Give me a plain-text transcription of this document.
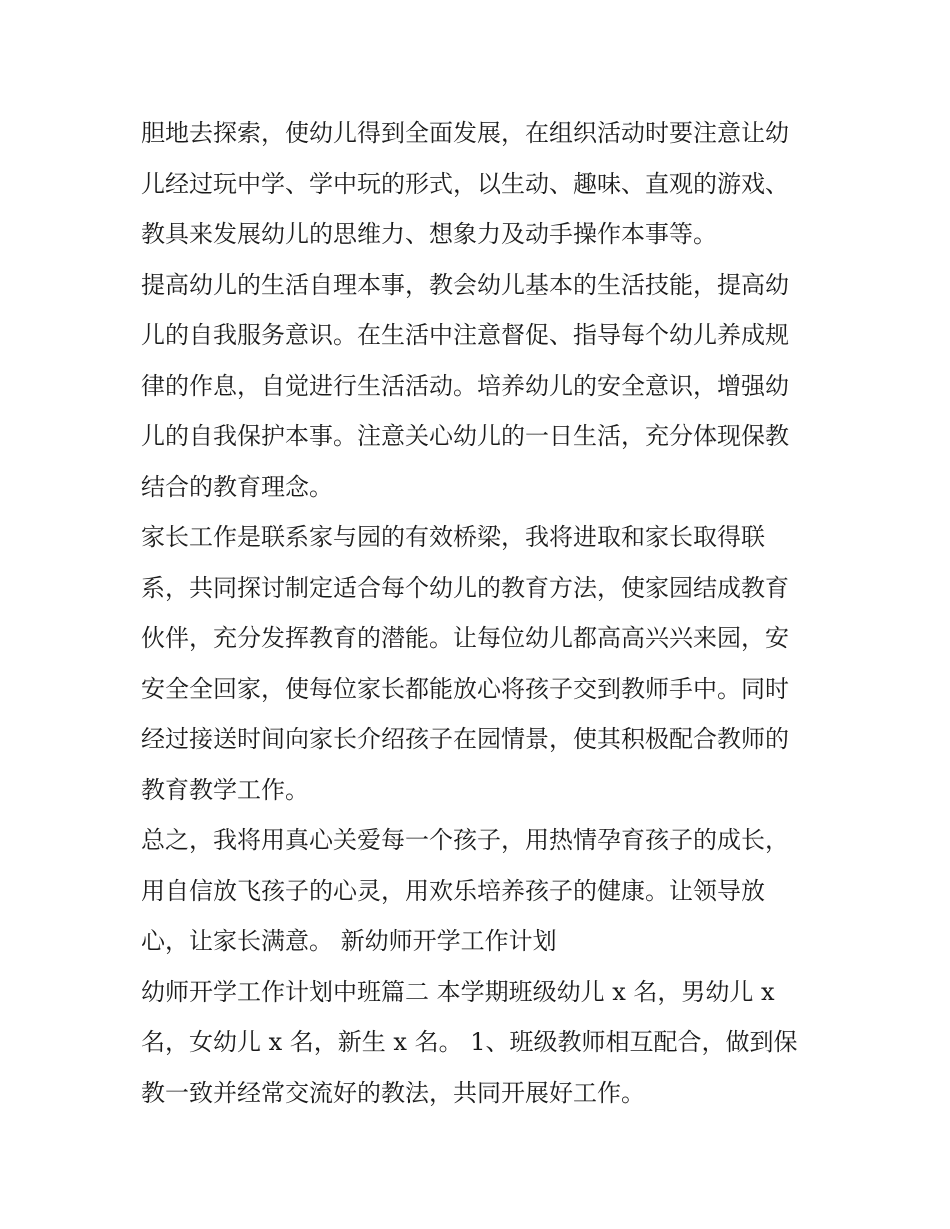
胆地去探索，使幼儿得到全面发展，在组织活动时要注意让幼
儿经过玩中学、学中玩的形式，以生动、趣味、直观的游戏、
教具来发展幼儿的思维力、想象力及动手操作本事等。
提高幼儿的生活自理本事，教会幼儿基本的生活技能，提高幼
儿的自我服务意识。在生活中注意督促、指导每个幼儿养成规
律的作息，自觉进行生活活动。培养幼儿的安全意识，增强幼
儿的自我保护本事。注意关心幼儿的一日生活，充分体现保教
结合的教育理念。
家长工作是联系家与园的有效桥梁，我将进取和家长取得联
系，共同探讨制定适合每个幼儿的教育方法，使家园结成教育
伙伴，充分发挥教育的潜能。让每位幼儿都高高兴兴来园，安
安全全回家，使每位家长都能放心将孩子交到教师手中。同时
经过接送时间向家长介绍孩子在园情景，使其积极配合教师的
教育教学工作。
总之，我将用真心关爱每一个孩子，用热情孕育孩子的成长，
用自信放飞孩子的心灵，用欢乐培养孩子的健康。让领导放
心，让家长满意。 新幼师开学工作计划
幼师开学工作计划中班篇二 本学期班级幼儿 x 名，男幼儿 x
名，女幼儿 x 名，新生 x 名。 1、班级教师相互配合，做到保
教一致并经常交流好的教法，共同开展好工作。
